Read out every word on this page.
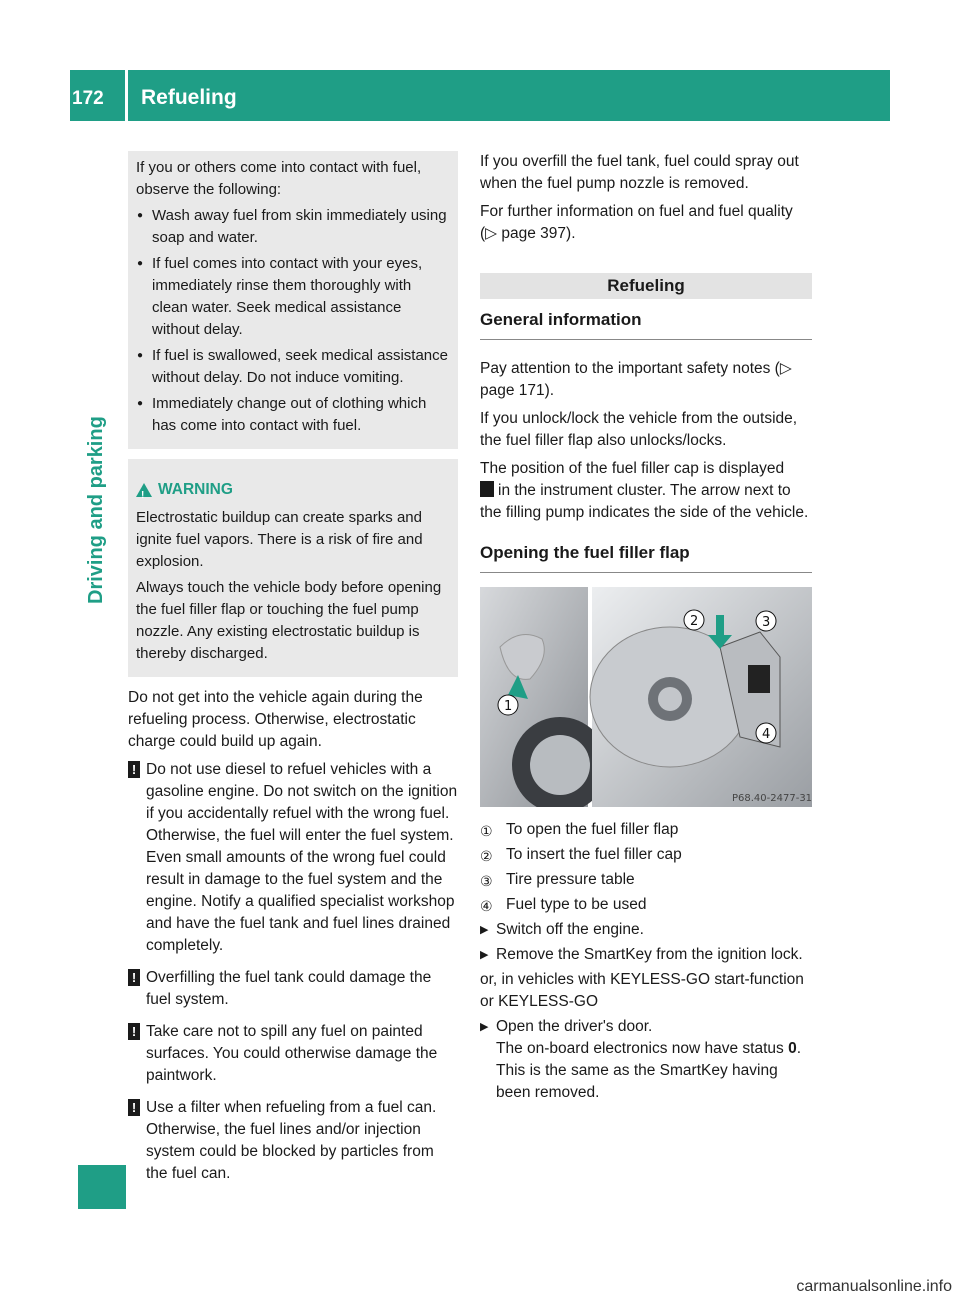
172 Refueling
Driving and parking

If you or others come into contact with fuel, observe the following:

● Wash away fuel from skin immediately using soap and water.

● If fuel comes into contact with your eyes, immediately rinse them thoroughly with clean water. Seek medical assistance without delay.

● If fuel is swallowed, seek medical assistance without delay. Do not induce vomiting.

● Immediately change out of clothing which has come into contact with fuel.

!
WARNING

Electrostatic buildup can create sparks and ignite fuel vapors. There is a risk of fire and explosion.

Always touch the vehicle body before opening the fuel filler flap or touching the fuel pump nozzle. Any existing electrostatic buildup is thereby discharged.

Do not get into the vehicle again during the refueling process. Otherwise, electrostatic charge could build up again.

! Do not use diesel to refuel vehicles with a gasoline engine. Do not switch on the ignition if you accidentally refuel with the wrong fuel. Otherwise, the fuel will enter the fuel system. Even small amounts of the wrong fuel could result in damage to the fuel system and the engine. Notify a qualified specialist workshop and have the fuel tank and fuel lines drained completely.
! Overfilling the fuel tank could damage the fuel system.
! Take care not to spill any fuel on painted surfaces. You could otherwise damage the paintwork.
! Use a filter when refueling from a fuel can. Otherwise, the fuel lines and/or injection system could be blocked by particles from the fuel can.

If you overfill the fuel tank, fuel could spray out when the fuel pump nozzle is removed.

For further information on fuel and fuel quality (▷ page 397).

Refueling
General information

Pay attention to the important safety notes (▷ page 171).

If you unlock/lock the vehicle from the outside, the fuel filler flap also unlocks/locks.

The position of the fuel filler cap is displayed
in the instrument cluster. The arrow next to the filling pump indicates the side of the vehicle.

Opening the fuel filler flap
1
2	3
4
P68.40-2477-31
① To open the fuel filler flap
② To insert the fuel filler cap
③ Tire pressure table
④ Fuel type to be used
▶ Switch off the engine.
▶ Remove the SmartKey from the ignition lock.
or, in vehicles with KEYLESS-GO start-function or KEYLESS-GO
▶ Open the driver's door.
The on-board electronics now have status 0. This is the same as the SmartKey having been removed.
carmanualsonline.info
